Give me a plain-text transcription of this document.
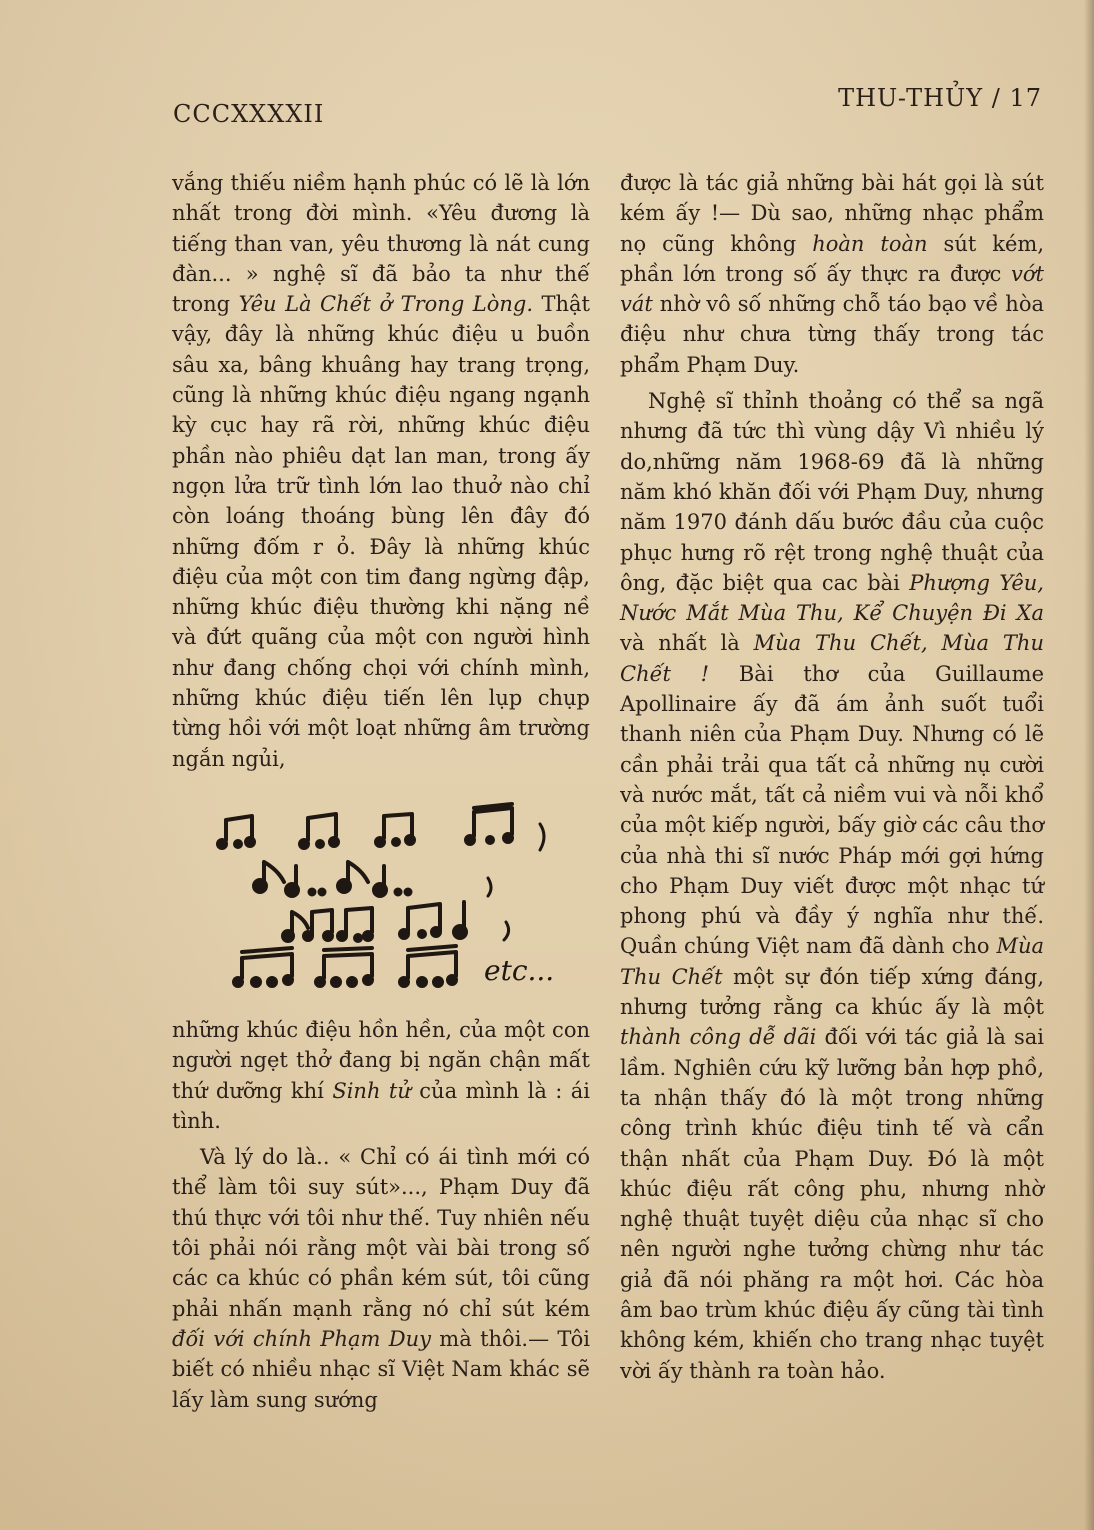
CCCXXXXII
THU-THỦY / 17

vắng thiếu niềm hạnh phúc có lẽ là lớn nhất trong đời mình. «Yêu đương là tiếng than van, yêu thương là nát cung đàn... » nghệ sĩ đã bảo ta như thế trong Yêu Là Chết ở Trong Lòng. Thật vậy, đây là những khúc điệu u buồn sâu xa, bâng khuâng hay trang trọng, cũng là những khúc điệu ngang ngạnh kỳ cục hay rã rời, những khúc điệu phần nào phiêu dạt lan man, trong ấy ngọn lửa trữ tình lớn lao thuở nào chỉ còn loáng thoáng bùng lên đây đó những đốm r ỏ. Đây là những khúc điệu của một con tim đang ngừng đập, những khúc điệu thường khi nặng nề và đứt quãng của một con người hình như đang chống chọi với chính mình, những khúc điệu tiến lên lụp chụp từng hồi với một loạt những âm trường ngắn ngủi,

etc...

những khúc điệu hồn hền, của một con người ngẹt thở đang bị ngăn chận mất thứ dưỡng khí Sinh tử của mình là : ái tình.

Và lý do là.. « Chỉ có ái tình mới có thể làm tôi suy sút»..., Phạm Duy đã thú thực với tôi như thế. Tuy nhiên nếu tôi phải nói rằng một vài bài trong số các ca khúc có phần kém sút, tôi cũng phải nhấn mạnh rằng nó chỉ sút kém đối với chính Phạm Duy mà thôi.— Tôi biết có nhiều nhạc sĩ Việt Nam khác sẽ lấy làm sung sướng

được là tác giả những bài hát gọi là sút kém ấy !— Dù sao, những nhạc phẩm nọ cũng không hoàn toàn sút kém, phần lớn trong số ấy thực ra được vớt vát nhờ vô số những chỗ táo bạo về hòa điệu như chưa từng thấy trong tác phẩm Phạm Duy.

Nghệ sĩ thỉnh thoảng có thể sa ngã nhưng đã tức thì vùng dậy Vì nhiều lý do,những năm 1968-69 đã là những năm khó khăn đối với Phạm Duy, nhưng năm 1970 đánh dấu bước đầu của cuộc phục hưng rõ rệt trong nghệ thuật của ông, đặc biệt qua cac bài Phượng Yêu, Nước Mắt Mùa Thu, Kể Chuyện Đi Xa và nhất là Mùa Thu Chết, Mùa Thu Chết ! Bài thơ của Guillaume Apollinaire ấy đã ám ảnh suốt tuổi thanh niên của Phạm Duy. Nhưng có lẽ cần phải trải qua tất cả những nụ cười và nước mắt, tất cả niềm vui và nỗi khổ của một kiếp người, bấy giờ các câu thơ của nhà thi sĩ nước Pháp mới gợi hứng cho Phạm Duy viết được một nhạc tứ phong phú và đầy ý nghĩa như thế. Quần chúng Việt nam đã dành cho Mùa Thu Chết một sự đón tiếp xứng đáng, nhưng tưởng rằng ca khúc ấy là một thành công dễ dãi đối với tác giả là sai lầm. Nghiên cứu kỹ lưỡng bản hợp phồ, ta nhận thấy đó là một trong những công trình khúc điệu tinh tế và cẩn thận nhất của Phạm Duy. Đó là một khúc điệu rất công phu, nhưng nhờ nghệ thuật tuyệt diệu của nhạc sĩ cho nên người nghe tưởng chừng như tác giả đã nói phăng ra một hơi. Các hòa âm bao trùm khúc điệu ấy cũng tài tình không kém, khiến cho trang nhạc tuyệt vời ấy thành ra toàn hảo.
